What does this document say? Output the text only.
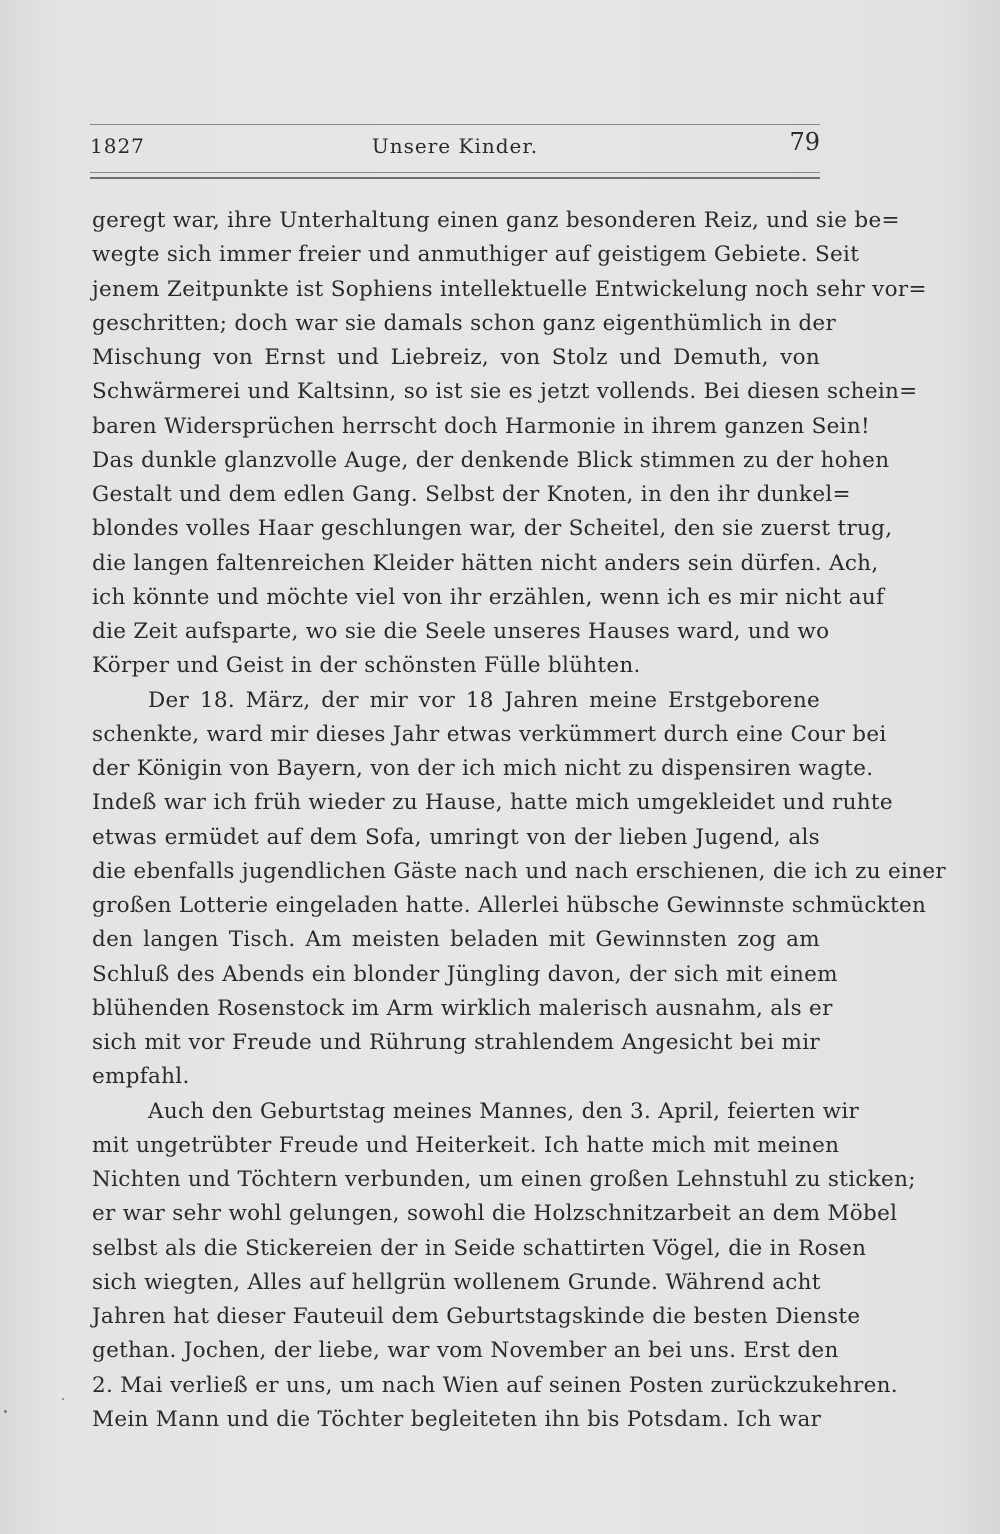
1827	Unsere Kinder.	79
geregt war, ihre Unterhaltung einen ganz besonderen Reiz, und sie be=
wegte sich immer freier und anmuthiger auf geistigem Gebiete. Seit
jenem Zeitpunkte ist Sophiens intellektuelle Entwickelung noch sehr vor=
geschritten; doch war sie damals schon ganz eigenthümlich in der
Mischung von Ernst und Liebreiz, von Stolz und Demuth, von
Schwärmerei und Kaltsinn, so ist sie es jetzt vollends. Bei diesen schein=
baren Widersprüchen herrscht doch Harmonie in ihrem ganzen Sein!
Das dunkle glanzvolle Auge, der denkende Blick stimmen zu der hohen
Gestalt und dem edlen Gang. Selbst der Knoten, in den ihr dunkel=
blondes volles Haar geschlungen war, der Scheitel, den sie zuerst trug,
die langen faltenreichen Kleider hätten nicht anders sein dürfen. Ach,
ich könnte und möchte viel von ihr erzählen, wenn ich es mir nicht auf
die Zeit aufsparte, wo sie die Seele unseres Hauses ward, und wo
Körper und Geist in der schönsten Fülle blühten.
Der 18. März, der mir vor 18 Jahren meine Erstgeborene
schenkte, ward mir dieses Jahr etwas verkümmert durch eine Cour bei
der Königin von Bayern, von der ich mich nicht zu dispensiren wagte.
Indeß war ich früh wieder zu Hause, hatte mich umgekleidet und ruhte
etwas ermüdet auf dem Sofa, umringt von der lieben Jugend, als
die ebenfalls jugendlichen Gäste nach und nach erschienen, die ich zu einer
großen Lotterie eingeladen hatte. Allerlei hübsche Gewinnste schmückten
den langen Tisch. Am meisten beladen mit Gewinnsten zog am
Schluß des Abends ein blonder Jüngling davon, der sich mit einem
blühenden Rosenstock im Arm wirklich malerisch ausnahm, als er
sich mit vor Freude und Rührung strahlendem Angesicht bei mir
empfahl.
Auch den Geburtstag meines Mannes, den 3. April, feierten wir
mit ungetrübter Freude und Heiterkeit. Ich hatte mich mit meinen
Nichten und Töchtern verbunden, um einen großen Lehnstuhl zu sticken;
er war sehr wohl gelungen, sowohl die Holzschnitzarbeit an dem Möbel
selbst als die Stickereien der in Seide schattirten Vögel, die in Rosen
sich wiegten, Alles auf hellgrün wollenem Grunde. Während acht
Jahren hat dieser Fauteuil dem Geburtstagskinde die besten Dienste
gethan. Jochen, der liebe, war vom November an bei uns. Erst den
2. Mai verließ er uns, um nach Wien auf seinen Posten zurückzukehren.
Mein Mann und die Töchter begleiteten ihn bis Potsdam. Ich war
